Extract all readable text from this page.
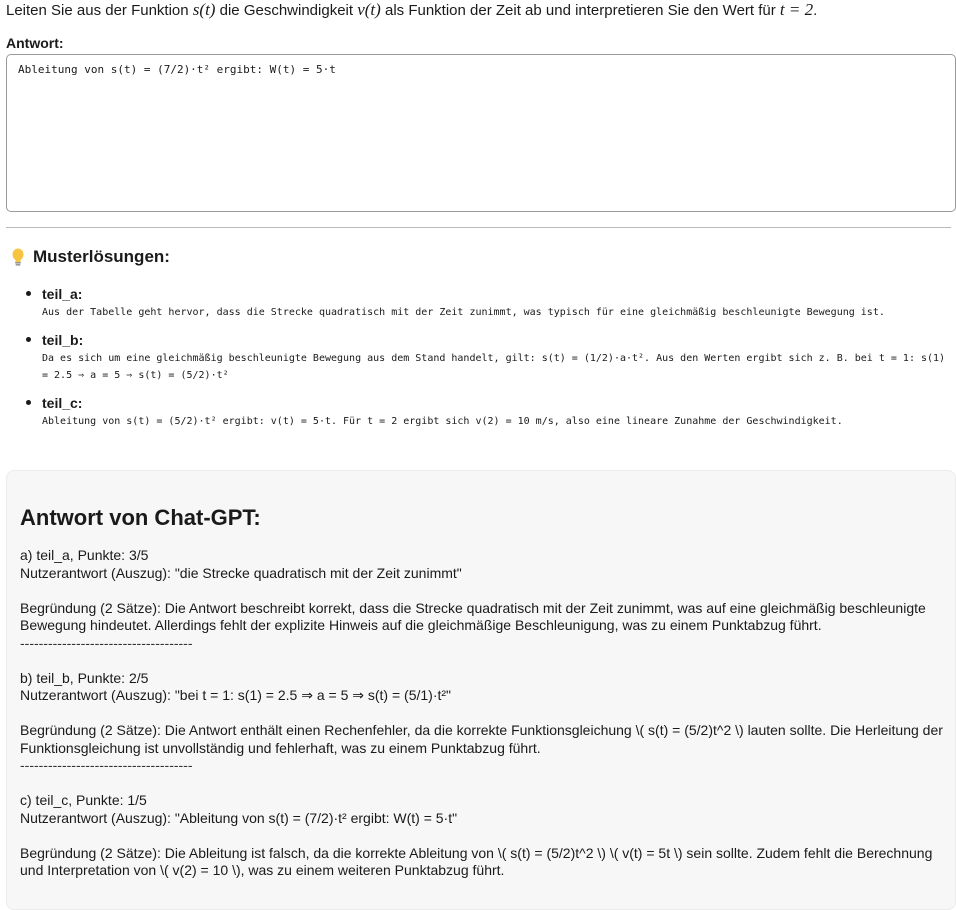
Leiten Sie aus der Funktion s(t) die Geschwindigkeit v(t) als Funktion der Zeit ab und interpretieren Sie den Wert für t = 2.
Antwort:
Ableitung von s(t) = (7/2)·t² ergibt: W(t) = 5·t
Musterlösungen:
teil_a:
Aus der Tabelle geht hervor, dass die Strecke quadratisch mit der Zeit zunimmt, was typisch für eine gleichmäßig beschleunigte Bewegung ist.
teil_b:
Da es sich um eine gleichmäßig beschleunigte Bewegung aus dem Stand handelt, gilt: s(t) = (1/2)·a·t². Aus den Werten ergibt sich z. B. bei t = 1: s(1) = 2.5 ⇒ a = 5 ⇒ s(t) = (5/2)·t²
teil_c:
Ableitung von s(t) = (5/2)·t² ergibt: v(t) = 5·t. Für t = 2 ergibt sich v(2) = 10 m/s, also eine lineare Zunahme der Geschwindigkeit.
Antwort von Chat-GPT:

a) teil_a, Punkte: 3/5

Nutzerantwort (Auszug): "die Strecke quadratisch mit der Zeit zunimmt"

Begründung (2 Sätze): Die Antwort beschreibt korrekt, dass die Strecke quadratisch mit der Zeit zunimmt, was auf eine gleichmäßig beschleunigte Bewegung hindeutet. Allerdings fehlt der explizite Hinweis auf die gleichmäßige Beschleunigung, was zu einem Punktabzug führt.

-------------------------------------

b) teil_b, Punkte: 2/5

Nutzerantwort (Auszug): "bei t = 1: s(1) = 2.5 ⇒ a = 5 ⇒ s(t) = (5/1)·t²"

Begründung (2 Sätze): Die Antwort enthält einen Rechenfehler, da die korrekte Funktionsgleichung \( s(t) = (5/2)t^2 \) lauten sollte. Die Herleitung der Funktionsgleichung ist unvollständig und fehlerhaft, was zu einem Punktabzug führt.

-------------------------------------

c) teil_c, Punkte: 1/5

Nutzerantwort (Auszug): "Ableitung von s(t) = (7/2)·t² ergibt: W(t) = 5·t"

Begründung (2 Sätze): Die Ableitung ist falsch, da die korrekte Ableitung von \( s(t) = (5/2)t^2 \) \( v(t) = 5t \) sein sollte. Zudem fehlt die Berechnung und Interpretation von \( v(2) = 10 \), was zu einem weiteren Punktabzug führt.
